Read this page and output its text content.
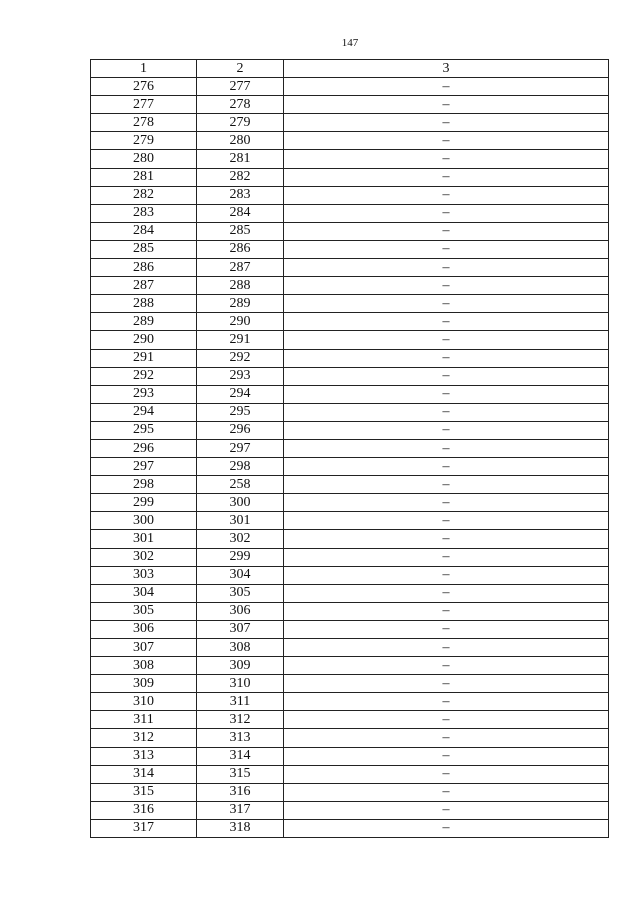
147
1	2	3
276	277	–
277	278	–
278	279	–
279	280	–
280	281	–
281	282	–
282	283	–
283	284	–
284	285	–
285	286	–
286	287	–
287	288	–
288	289	–
289	290	–
290	291	–
291	292	–
292	293	–
293	294	–
294	295	–
295	296	–
296	297	–
297	298	–
298	258	–
299	300	–
300	301	–
301	302	–
302	299	–
303	304	–
304	305	–
305	306	–
306	307	–
307	308	–
308	309	–
309	310	–
310	311	–
311	312	–
312	313	–
313	314	–
314	315	–
315	316	–
316	317	–
317	318	–
